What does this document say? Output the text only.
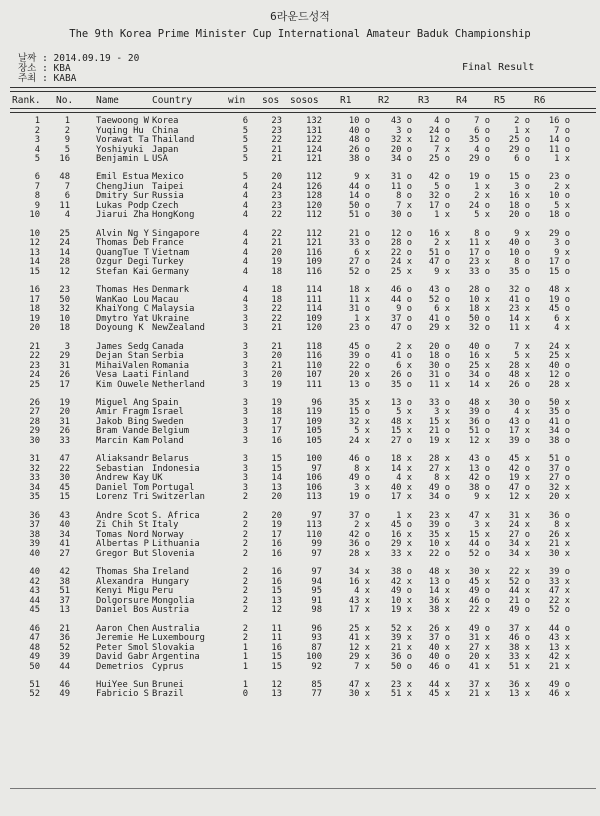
6라운드성적
The 9th Korea Prime Minister Cup International Amateur Baduk Championship
날짜 : 2014.09.19 - 20
장소 : KBA
주최 : KABA
Final Result
Rank. No. Name	Country	win sos sosos R1	R2	R3	R4	R5	R6
1	1	Taewoong W Korea	6	23	132	10 o	43 o	4 o	7 o	2 o	16 o
2	2	Yuqing Hu China	5	23	131	40 o	3 o	24 o	6 o	1 x	7 o
3	9	Vorawat Ta Thailand	5	22	122	48 o	32 x	12 o	35 o	25 o	14 o
4	5	Yoshiyuki Japan	5	21	124	26 o	20 o	7 x	4 o	29 o	11 o
5	16	Benjamin L USA	5	21	121	38 o	34 o	25 o	29 o	6 o	1 x
6	48	Emil Estua Mexico	5	20	112	9 x	31 o	42 o	19 o	15 o	23 o
7	7	ChengJiun Taipei	4	24	126	44 o	11 o	5 o	1 x	3 o	2 x
8	6	Dmitry Sur Russia	4	23	128	14 o	8 o	32 o	2 x	16 x	10 o
9	11	Lukas Podp Czech	4	23	120	50 o	7 x	17 o	24 o	18 o	5 x
10	4	Jiarui Zha HongKong	4	22	112	51 o	30 o	1 x	5 x	20 o	18 o
10	25	Alvin Ng Y Singapore	4	22	112	21 o	12 o	16 x	8 o	9 x	29 o
12	24	Thomas Deb France	4	21	121	33 o	28 o	2 x	11 x	40 o	3 o
13	14	QuangTue T Vietnam	4	20	116	6 x	22 o	51 o	17 o	10 o	9 x
14	28	Ozgur Degi Turkey	4	19	109	27 o	24 x	47 o	23 x	8 o	17 o
15	12	Stefan Kai Germany	4	18	116	52 o	25 x	9 x	33 o	35 o	15 o
16	23	Thomas Hes Denmark	4	18	114	18 x	46 o	43 o	28 o	32 o	48 x
17	50	WanKao Lou Macau	4	18	111	11 x	44 o	52 o	10 x	41 o	19 o
18	32	KhaiYong C Malaysia	3	22	114	31 o	9 o	6 x	18 x	23 x	45 o
19	10	Dmytro Yat Ukraine	3	22	109	1 x	37 o	41 o	50 o	14 x	6 x
20	18	Doyoung K NewZealand	3	21	120	23 o	47 o	29 x	32 o	11 x	4 x
21	3	James Sedg Canada	3	21	118	45 o	2 x	20 o	40 o	7 x	24 x
22	29	Dejan Stan Serbia	3	20	116	39 o	41 o	18 o	16 x	5 x	25 x
23	31	MihaiValen Romania	3	21	110	22 o	6 x	30 o	25 x	28 x	40 o
24	26	Vesa Laati Finland	3	20	107	20 x	26 o	31 o	34 o	48 x	12 o
25	17	Kim Ouwele Netherland	3	19	111	13 o	35 o	11 x	14 x	26 o	28 x
26	19	Miguel Ang Spain	3	19	96	35 x	13 o	33 o	48 x	30 o	50 x
27	20	Amir Fragm Israel	3	18	119	15 o	5 x	3 x	39 o	4 x	35 o
28	31	Jakob Bing Sweden	3	17	109	32 x	48 x	15 x	36 o	43 o	41 o
29	26	Bram Vande Belgium	3	17	105	5 x	15 x	21 o	51 o	17 x	34 o
30	33	Marcin Kam Poland	3	16	105	24 x	27 o	19 x	12 x	39 o	38 o
31	47	Aliaksandr Belarus	3	15	100	46 o	18 x	28 x	43 o	45 x	51 o
32	22	Sebastian Indonesia	3	15	97	8 x	14 x	27 x	13 o	42 o	37 o
33	30	Andrew Kay UK	3	14	106	49 o	4 x	8 x	42 o	19 x	27 o
34	45	Daniel Tom Portugal	3	13	106	3 x	40 x	49 o	38 o	47 o	32 x
35	15	Lorenz Tri Switzerlan	2	20	113	19 o	17 x	34 o	9 x	12 x	20 x
36	43	Andre Scot S. Africa	2	20	97	37 o	1 x	23 x	47 x	31 x	36 o
37	40	Zi Chih St Italy	2	19	113	2 x	45 o	39 o	3 x	24 x	8 x
38	34	Tomas Nord Norway	2	17	110	42 o	16 x	35 x	15 x	27 o	26 x
39	41	Albertas P Lithuania	2	16	99	36 o	29 x	10 x	44 o	34 x	21 x
40	27	Gregor But Slovenia	2	16	97	28 x	33 x	22 o	52 o	34 x	30 x
40	42	Thomas Sha Ireland	2	16	97	34 x	38 o	48 x	30 x	22 x	39 o
42	38	Alexandra Hungary	2	16	94	16 x	42 x	13 o	45 x	52 o	33 x
43	51	Kenyi Migu Peru	2	15	95	4 x	49 o	14 x	49 o	44 x	47 x
44	37	Dolgorsure Mongolia	2	13	91	43 x	10 x	36 x	46 o	21 o	22 x
45	13	Daniel Bos Austria	2	12	98	17 x	19 x	38 x	22 x	49 o	52 o
46	21	Aaron Chen Australia	2	11	96	25 x	52 x	26 x	49 o	37 x	44 o
47	36	Jeremie He Luxembourg	2	11	93	41 x	39 x	37 o	31 x	46 o	43 x
48	52	Peter Smol Slovakia	1	16	87	12 x	21 x	40 x	27 x	38 x	13 x
49	39	David Gabr Argentina	1	15	100	29 x	36 o	40 o	20 x	33 x	42 x
50	44	Demetrios Cyprus	1	15	92	7 x	50 o	46 o	41 x	51 x	21 x
51	46	HuiYee Sun Brunei	1	12	85	47 x	23 x	44 x	37 x	36 x	49 o
52	49	Fabricio S Brazil	0	13	77	30 x	51 x	45 x	21 x	13 x	46 x
